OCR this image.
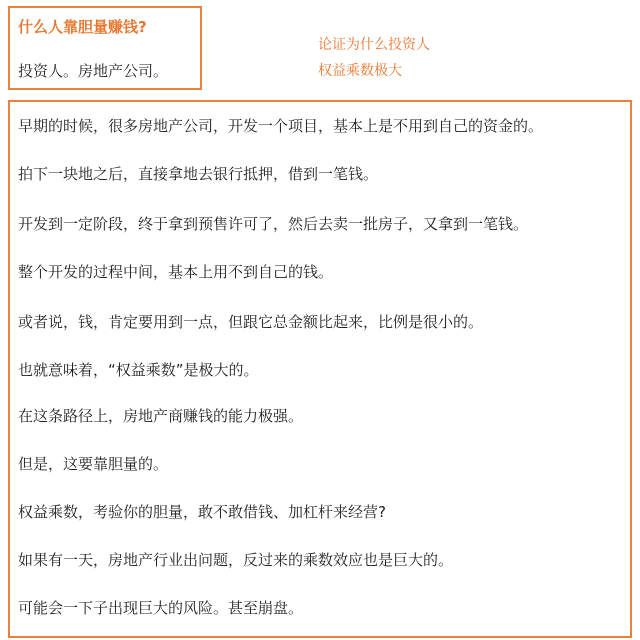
什么人靠胆量赚钱?
投资人。房地产公司。
论证为什么投资人
权益乘数极大
早期的时候，很多房地产公司，开发一个项目，基本上是不用到自己的资金的。
拍下一块地之后，直接拿地去银行抵押，借到一笔钱。
开发到一定阶段，终于拿到预售许可了，然后去卖一批房子，又拿到一笔钱。
整个开发的过程中间，基本上用不到自己的钱。
或者说，钱，肯定要用到一点，但跟它总金额比起来，比例是很小的。
也就意味着，“权益乘数”是极大的。
在这条路径上，房地产商赚钱的能力极强。
但是，这要靠胆量的。
权益乘数，考验你的胆量，敢不敢借钱、加杠杆来经营?
如果有一天，房地产行业出问题，反过来的乘数效应也是巨大的。
可能会一下子出现巨大的风险。甚至崩盘。
